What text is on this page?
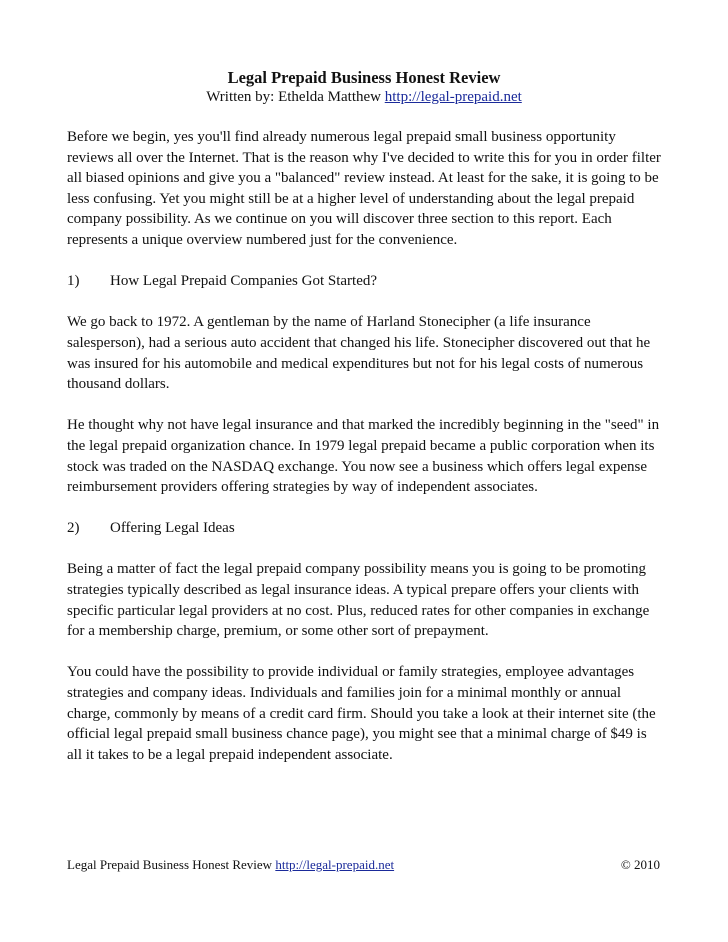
Legal Prepaid Business Honest Review
Written by: Ethelda Matthew http://legal-prepaid.net

Before we begin, yes you'll find already numerous legal prepaid small business opportunity reviews all over the Internet. That is the reason why I've decided to write this for you in order filter all biased opinions and give you a "balanced" review instead. At least for the sake, it is going to be less confusing. Yet you might still be at a higher level of understanding about the legal prepaid company possibility. As we continue on you will discover three section to this report. Each represents a unique overview numbered just for the convenience.

1) How Legal Prepaid Companies Got Started?

We go back to 1972. A gentleman by the name of Harland Stonecipher (a life insurance salesperson), had a serious auto accident that changed his life. Stonecipher discovered out that he was insured for his automobile and medical expenditures but not for his legal costs of numerous thousand dollars.

He thought why not have legal insurance and that marked the incredibly beginning in the "seed" in the legal prepaid organization chance. In 1979 legal prepaid became a public corporation when its stock was traded on the NASDAQ exchange. You now see a business which offers legal expense reimbursement providers offering strategies by way of independent associates.

2) Offering Legal Ideas

Being a matter of fact the legal prepaid company possibility means you is going to be promoting strategies typically described as legal insurance ideas. A typical prepare offers your clients with specific particular legal providers at no cost. Plus, reduced rates for other companies in exchange for a membership charge, premium, or some other sort of prepayment.

You could have the possibility to provide individual or family strategies, employee advantages strategies and company ideas. Individuals and families join for a minimal monthly or annual charge, commonly by means of a credit card firm. Should you take a look at their internet site (the official legal prepaid small business chance page), you might see that a minimal charge of $49 is all it takes to be a legal prepaid independent associate.

Legal Prepaid Business Honest Review http://legal-prepaid.net	© 2010
